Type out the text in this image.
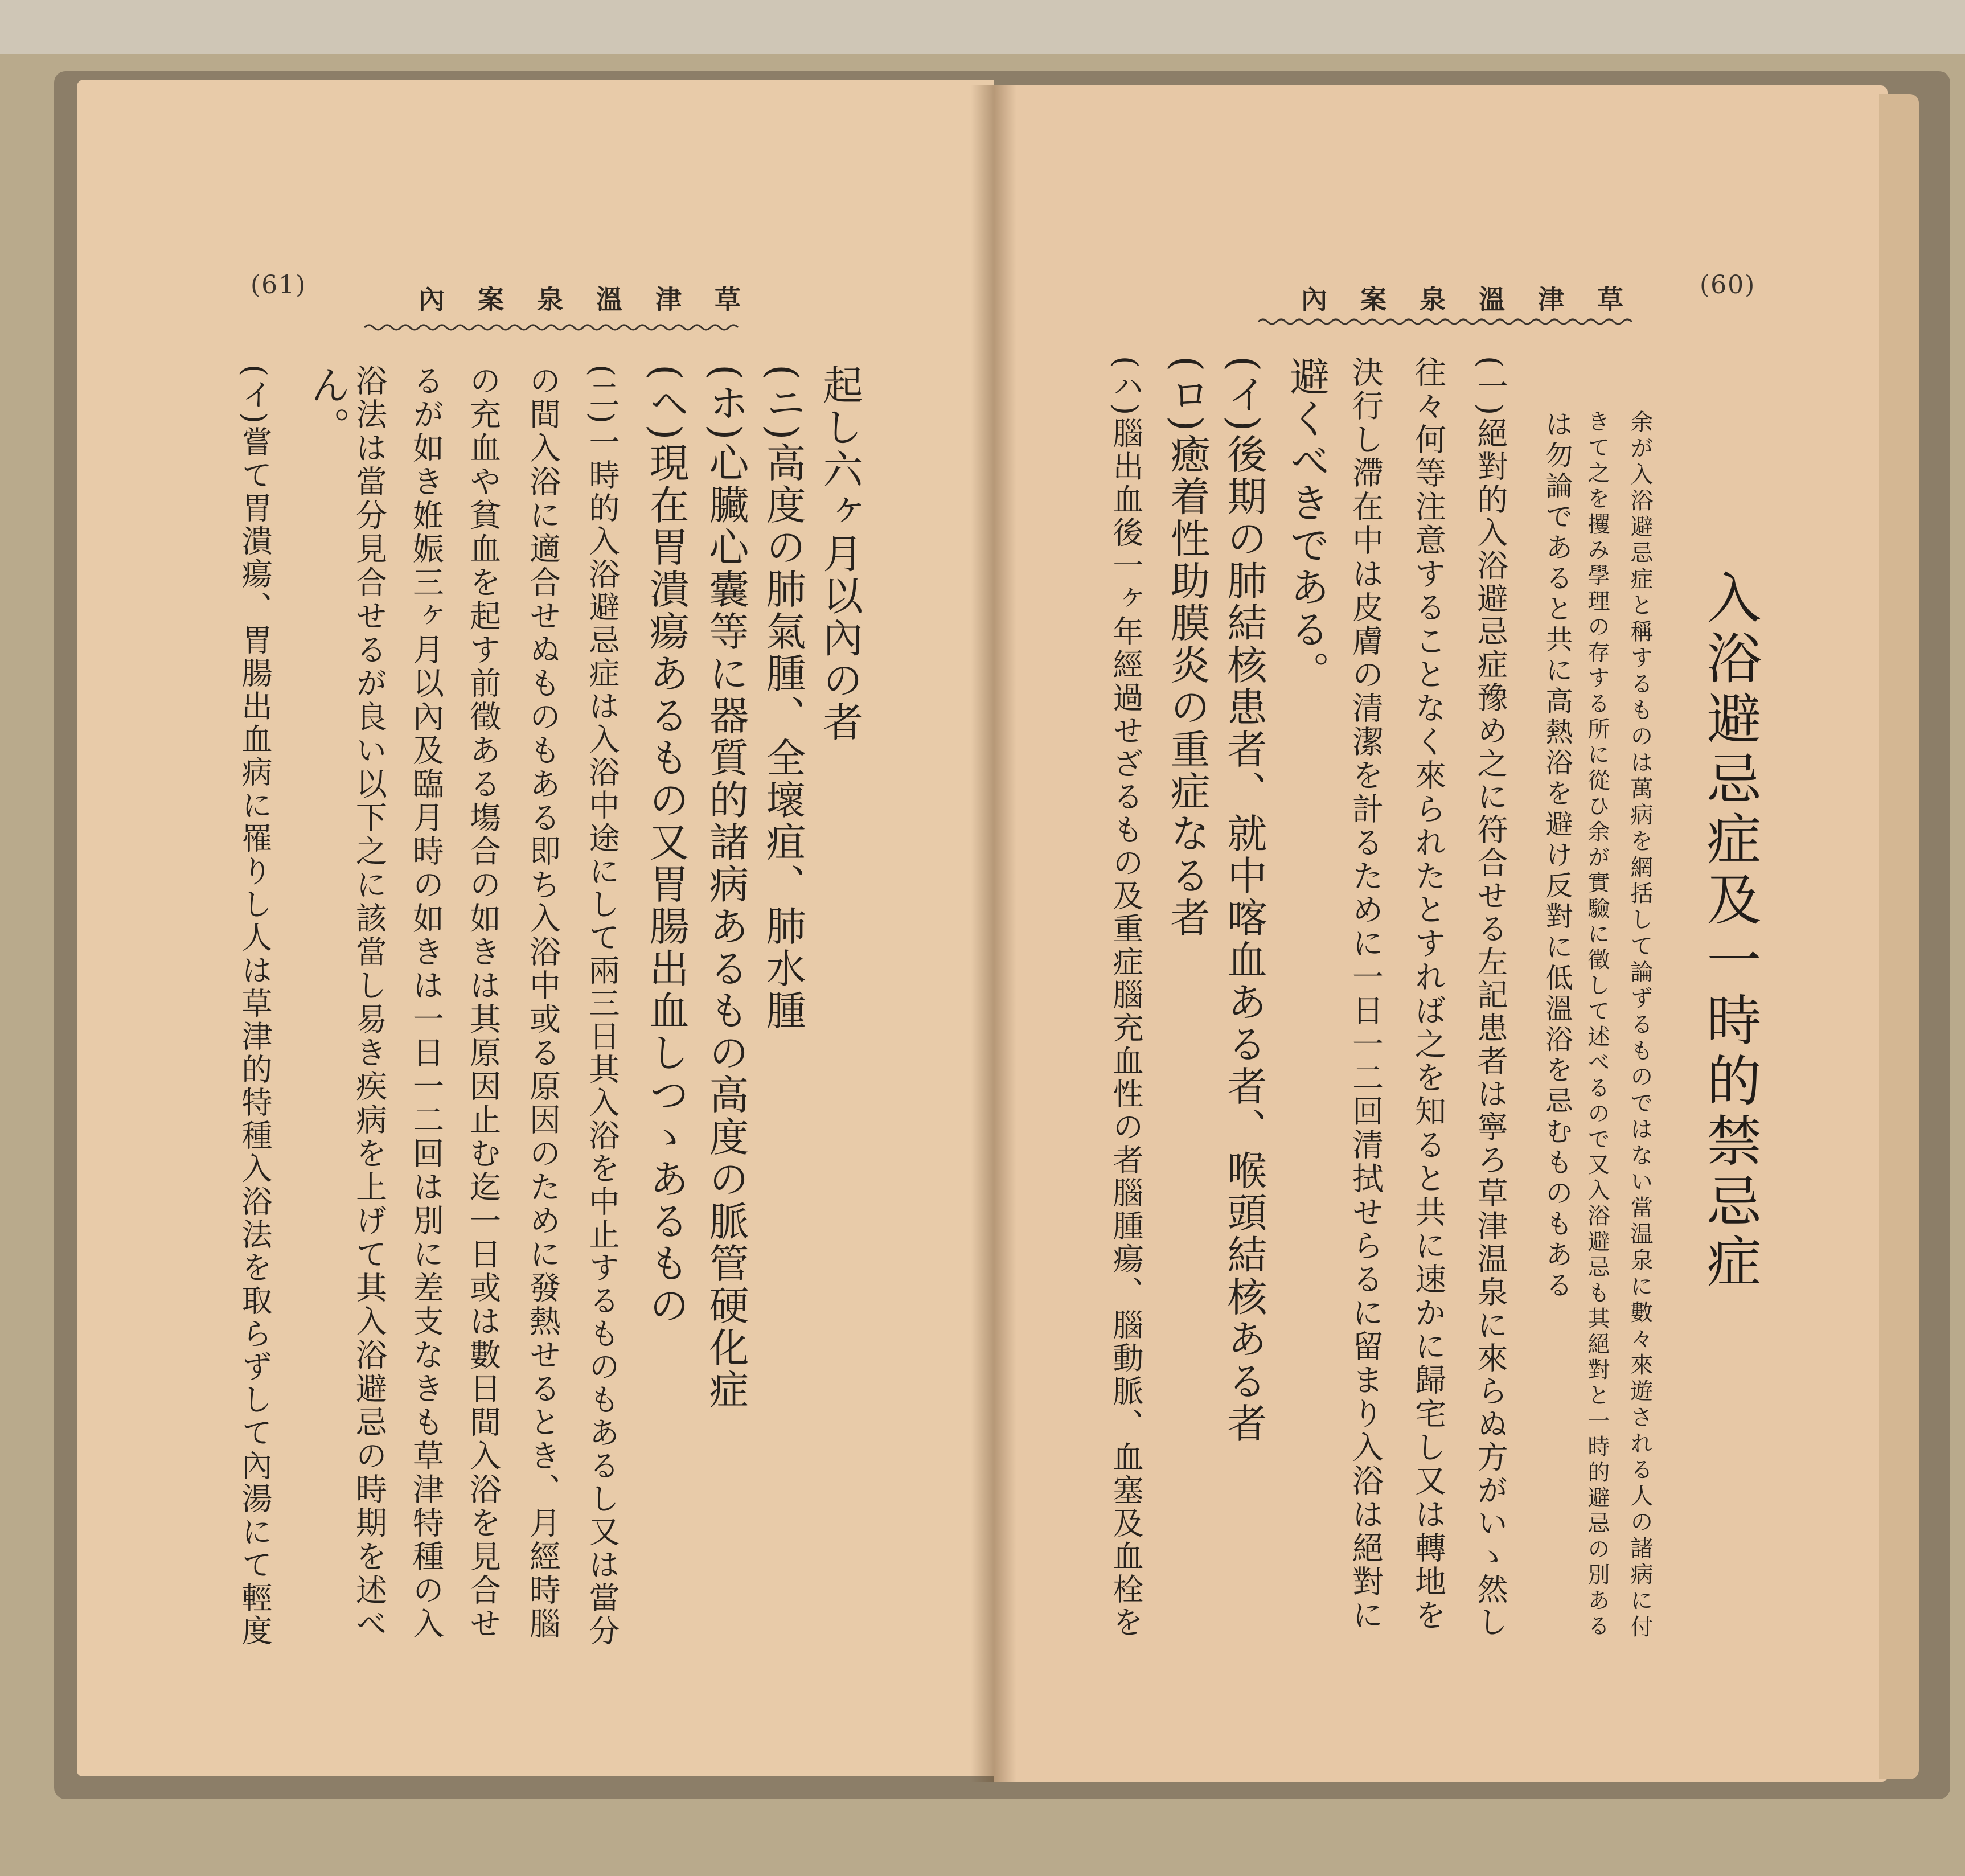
(60)
內案泉溫津草
入浴避忌症及一時的禁忌症
余が入浴避忌症と稱するものは萬病を網括して論ずるものではない當温泉に數々來遊される人の諸病に付
きて之を攫み學理の存する所に從ひ余が實驗に徵して述べるので又入浴避忌も其絕對と一時的避忌の別ある
は勿論であると共に高熱浴を避け反對に低溫浴を忌むものもある
(一)絕對的入浴避忌症豫め之に符合せる左記患者は寧ろ草津温泉に來らぬ方がいゝ然し
往々何等注意することなく來られたとすれば之を知ると共に速かに歸宅し又は轉地を
決行し滯在中は皮膚の清潔を計るために一日一二回清拭せらるに留まり入浴は絕對に
避くべきである。
(イ)後期の肺結核患者、就中喀血ある者、喉頭結核ある者
(ロ)癒着性助膜炎の重症なる者
(ハ)腦出血後一ヶ年經過せざるもの及重症腦充血性の者腦腫瘍、腦動脈、血塞及血栓を
(61)	內案泉溫津草
起し六ヶ月以內の者
(ニ)高度の肺氣腫、全壞疽、肺水腫
(ホ)心臟心囊等に器質的諸病あるもの高度の脈管硬化症
(ヘ)現在胃潰瘍あるもの又胃腸出血しつゝあるもの
(二)一時的入浴避忌症は入浴中途にして兩三日其入浴を中止するものもあるし又は當分
の間入浴に適合せぬものもある即ち入浴中或る原因のために發熱せるとき、月經時腦
の充血や貧血を起す前徵ある塲合の如きは其原因止む迄一日或は數日間入浴を見合せ
るが如き姙娠三ヶ月以內及臨月時の如きは一日一二回は別に差支なきも草津特種の入
浴法は當分見合せるが良い以下之に該當し易き疾病を上げて其入浴避忌の時期を述べ
ん。
(イ)嘗て胃潰瘍、胃腸出血病に罹りし人は草津的特種入浴法を取らずして內湯にて輕度
